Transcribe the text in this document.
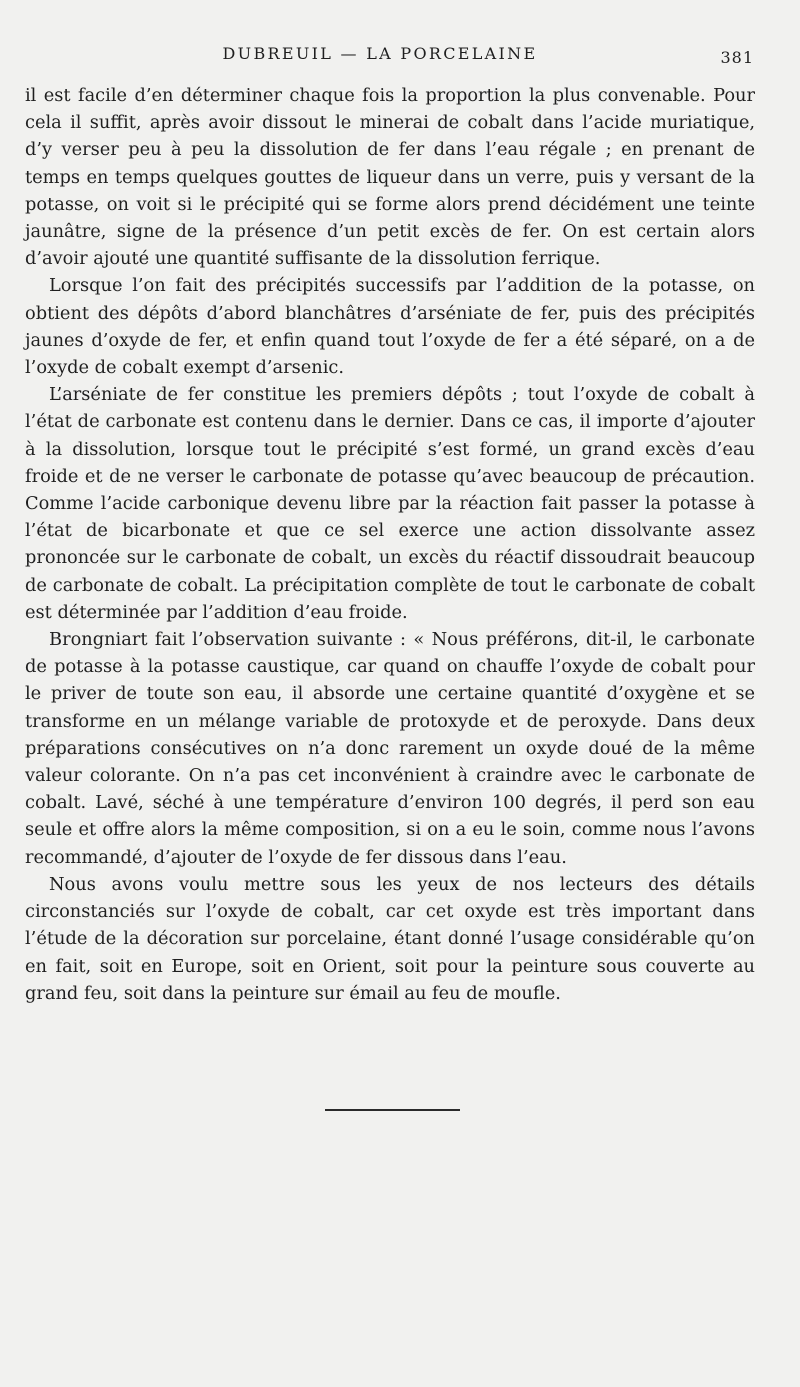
DUBREUIL — LA PORCELAINE	381

il est facile d’en déterminer chaque fois la proportion la plus convenable. Pour cela il suffit, après avoir dissout le minerai de cobalt dans l’acide muriatique, d’y verser peu à peu la dissolution de fer dans l’eau régale ; en prenant de temps en temps quelques gouttes de liqueur dans un verre, puis y versant de la potasse, on voit si le précipité qui se forme alors prend décidément une teinte jaunâtre, signe de la présence d’un petit excès de fer. On est certain alors d’avoir ajouté une quantité suffisante de la dissolution ferrique.

Lorsque l’on fait des précipités successifs par l’addition de la potasse, on obtient des dépôts d’abord blanchâtres d’arséniate de fer, puis des précipités jaunes d’oxyde de fer, et enfin quand tout l’oxyde de fer a été séparé, on a de l’oxyde de cobalt exempt d’arsenic.

L’arséniate de fer constitue les premiers dépôts ; tout l’oxyde de cobalt à l’état de carbonate est contenu dans le dernier. Dans ce cas, il importe d’ajouter à la dissolution, lorsque tout le précipité s’est formé, un grand excès d’eau froide et de ne verser le carbonate de potasse qu’avec beaucoup de précaution. Comme l’acide carbonique devenu libre par la réaction fait passer la potasse à l’état de bicarbonate et que ce sel exerce une action dissolvante assez prononcée sur le carbonate de cobalt, un excès du réactif dissoudrait beaucoup de carbonate de cobalt. La précipitation complète de tout le carbonate de cobalt est déterminée par l’addition d’eau froide.

Brongniart fait l’observation suivante : « Nous préférons, dit-il, le carbonate de potasse à la potasse caustique, car quand on chauffe l’oxyde de cobalt pour le priver de toute son eau, il absorde une certaine quantité d’oxygène et se transforme en un mélange variable de protoxyde et de peroxyde. Dans deux préparations consécutives on n’a donc rarement un oxyde doué de la même valeur colorante. On n’a pas cet inconvénient à craindre avec le carbonate de cobalt. Lavé, séché à une température d’environ 100 degrés, il perd son eau seule et offre alors la même composition, si on a eu le soin, comme nous l’avons recommandé, d’ajouter de l’oxyde de fer dissous dans l’eau.

Nous avons voulu mettre sous les yeux de nos lecteurs des détails circonstanciés sur l’oxyde de cobalt, car cet oxyde est très important dans l’étude de la décoration sur porcelaine, étant donné l’usage considérable qu’on en fait, soit en Europe, soit en Orient, soit pour la peinture sous couverte au grand feu, soit dans la peinture sur émail au feu de moufle.
